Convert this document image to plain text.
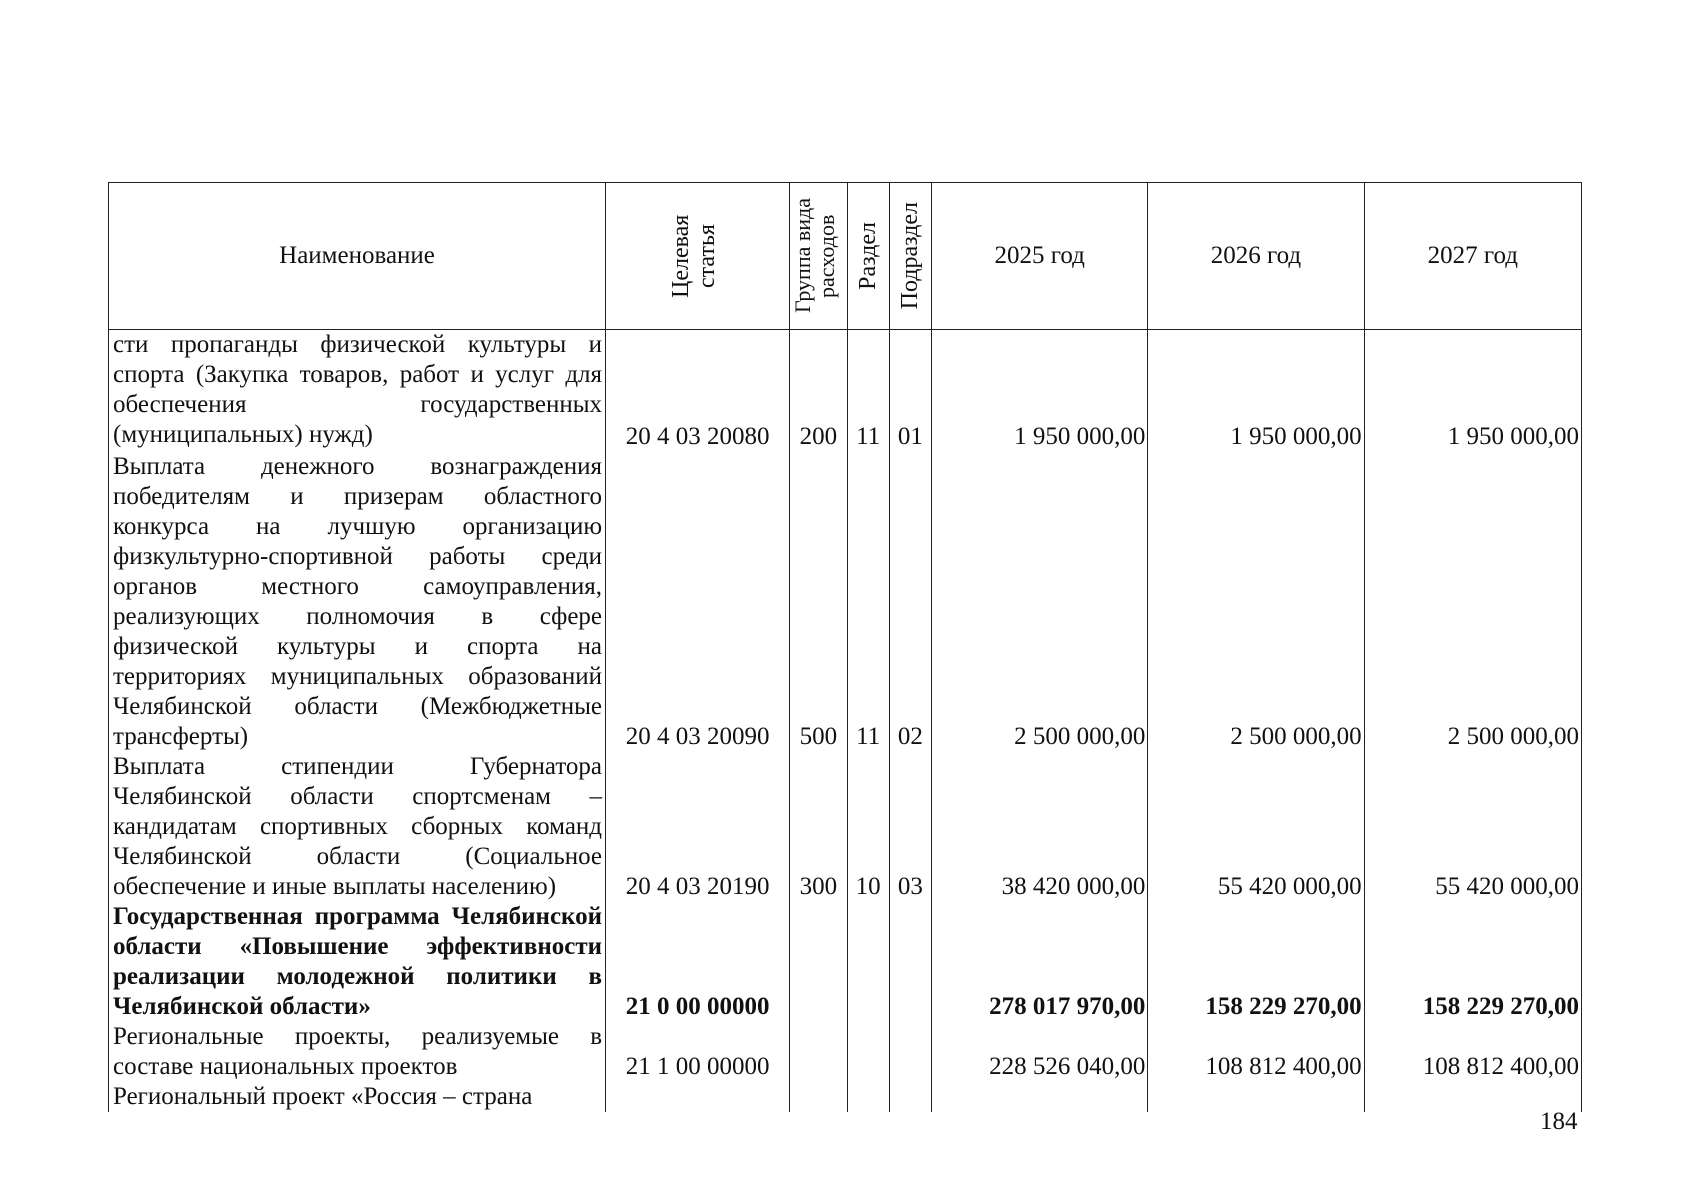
Наименование	Целевая статья	Группа вида расходов	Раздел	Подраздел	2025 год	2026 год	2027 год
сти пропаганды физической культуры и спорта (Закупка товаров, работ и услуг для обеспечения государственных (муниципальных) нужд)	20 4 03 20080	200	11	01	1 950 000,00	1 950 000,00	1 950 000,00
Выплата денежного вознаграждения победителям и призерам областного конкурса на лучшую организацию физкультурно-спортивной работы среди органов местного самоуправления, реализующих полномочия в сфере физической культуры и спорта на территориях муниципальных образований Челябинской области (Межбюджетные трансферты)	20 4 03 20090	500	11	02	2 500 000,00	2 500 000,00	2 500 000,00
Выплата стипендии Губернатора Челябинской области спортсменам – кандидатам спортивных сборных команд Челябинской области (Социальное обеспечение и иные выплаты населению)	20 4 03 20190	300	10	03	38 420 000,00	55 420 000,00	55 420 000,00
Государственная программа Челябинской области «Повышение эффективности реализации молодежной политики в Челябинской области»	21 0 00 00000				278 017 970,00	158 229 270,00	158 229 270,00
Региональные проекты, реализуемые в составе национальных проектов	21 1 00 00000				228 526 040,00	108 812 400,00	108 812 400,00
Региональный проект «Россия – страна							
184
